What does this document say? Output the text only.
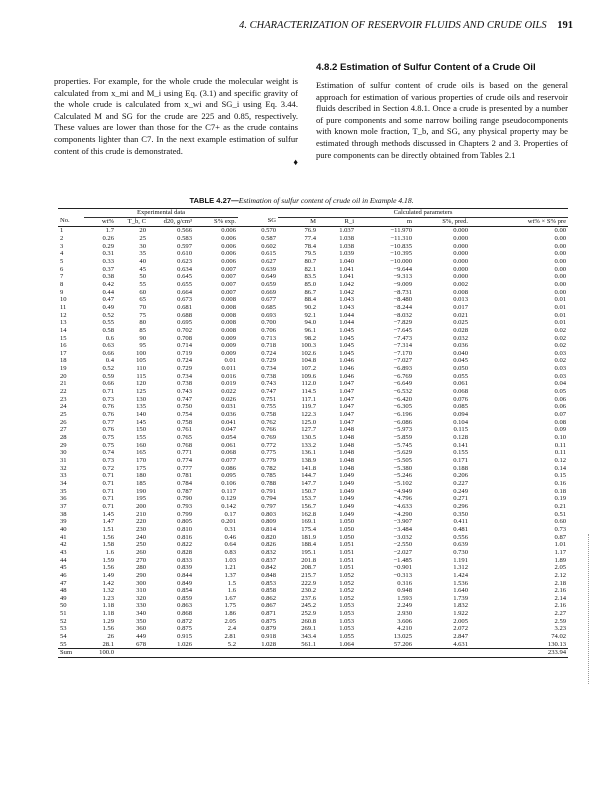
4. CHARACTERIZATION OF RESERVOIR FLUIDS AND CRUDE OILS 191
properties. For example, for the whole crude the molecular weight is calculated from x_mi and M_i using Eq. (3.1) and specific gravity of the whole crude is calculated from x_wi and SG_i using Eq. 3.44. Calculated M and SG for the crude are 225 and 0.85, respectively. These values are lower than those for the C7+ as the crude contains components lighter than C7. In the next example estimation of sulfur content of this crude is demonstrated.
♦
4.8.2 Estimation of Sulfur Content of a Crude Oil
Estimation of sulfur content of crude oils is based on the general approach for estimation of various properties of crude oils and reservoir fluids described in Section 4.8.1. Once a crude is presented by a number of pure components and some narrow boiling range pseudocomponents with known mole fraction, T_b, and SG, any physical property may be estimated through methods discussed in Chapters 2 and 3. Properties of pure components can be directly obtained from Tables 2.1
TABLE 4.27—Estimation of sulfur content of crude oil in Example 4.18.
	Experimental data					Calculated parameters				
No.	wt%	T_b, C	d20, g/cm³	S% exp.	SG	M	R_i	m	S%, pred.	wt% × S% pre
1	1.7	20	0.566	0.006	0.570	76.9	1.037	−11.970	0.000	0.00
2	0.26	25	0.583	0.006	0.587	77.4	1.038	−11.310	0.000	0.00
3	0.29	30	0.597	0.006	0.602	78.4	1.038	−10.835	0.000	0.00
4	0.31	35	0.610	0.006	0.615	79.5	1.039	−10.395	0.000	0.00
5	0.33	40	0.623	0.006	0.627	80.7	1.040	−10.000	0.000	0.00
6	0.37	45	0.634	0.007	0.639	82.1	1.041	−9.644	0.000	0.00
7	0.38	50	0.645	0.007	0.649	83.5	1.041	−9.313	0.000	0.00
8	0.42	55	0.655	0.007	0.659	85.0	1.042	−9.009	0.002	0.00
9	0.44	60	0.664	0.007	0.669	86.7	1.042	−8.731	0.008	0.00
10	0.47	65	0.673	0.008	0.677	88.4	1.043	−8.480	0.013	0.01
11	0.49	70	0.681	0.008	0.685	90.2	1.043	−8.244	0.017	0.01
12	0.52	75	0.688	0.008	0.693	92.1	1.044	−8.032	0.021	0.01
13	0.55	80	0.695	0.008	0.700	94.0	1.044	−7.829	0.025	0.01
14	0.58	85	0.702	0.008	0.706	96.1	1.045	−7.645	0.028	0.02
15	0.6	90	0.708	0.009	0.713	98.2	1.045	−7.473	0.032	0.02
16	0.63	95	0.714	0.009	0.718	100.3	1.045	−7.314	0.036	0.02
17	0.66	100	0.719	0.009	0.724	102.6	1.045	−7.170	0.040	0.03
18	0.4	105	0.724	0.01	0.729	104.8	1.046	−7.027	0.045	0.02
19	0.52	110	0.729	0.011	0.734	107.2	1.046	−6.893	0.050	0.03
20	0.59	115	0.734	0.016	0.738	109.6	1.046	−6.769	0.055	0.03
21	0.66	120	0.738	0.019	0.743	112.0	1.047	−6.649	0.061	0.04
22	0.71	125	0.743	0.022	0.747	114.5	1.047	−6.532	0.068	0.05
23	0.73	130	0.747	0.026	0.751	117.1	1.047	−6.420	0.076	0.06
24	0.76	135	0.750	0.031	0.755	119.7	1.047	−6.305	0.085	0.06
25	0.76	140	0.754	0.036	0.758	122.3	1.047	−6.196	0.094	0.07
26	0.77	145	0.758	0.041	0.762	125.0	1.047	−6.086	0.104	0.08
27	0.76	150	0.761	0.047	0.766	127.7	1.048	−5.973	0.115	0.09
28	0.75	155	0.765	0.054	0.769	130.5	1.048	−5.859	0.128	0.10
29	0.75	160	0.768	0.061	0.772	133.2	1.048	−5.745	0.141	0.11
30	0.74	165	0.771	0.068	0.775	136.1	1.048	−5.629	0.155	0.11
31	0.73	170	0.774	0.077	0.779	138.9	1.048	−5.505	0.171	0.12
32	0.72	175	0.777	0.086	0.782	141.8	1.048	−5.380	0.188	0.14
33	0.71	180	0.781	0.095	0.785	144.7	1.049	−5.246	0.206	0.15
34	0.71	185	0.784	0.106	0.788	147.7	1.049	−5.102	0.227	0.16
35	0.71	190	0.787	0.117	0.791	150.7	1.049	−4.949	0.249	0.18
36	0.71	195	0.790	0.129	0.794	153.7	1.049	−4.796	0.271	0.19
37	0.71	200	0.793	0.142	0.797	156.7	1.049	−4.633	0.296	0.21
38	1.45	210	0.799	0.17	0.803	162.8	1.049	−4.290	0.350	0.51
39	1.47	220	0.805	0.201	0.809	169.1	1.050	−3.907	0.411	0.60
40	1.51	230	0.810	0.31	0.814	175.4	1.050	−3.484	0.481	0.73
41	1.56	240	0.816	0.46	0.820	181.9	1.050	−3.032	0.556	0.87
42	1.58	250	0.822	0.64	0.826	188.4	1.051	−2.550	0.639	1.01
43	1.6	260	0.828	0.83	0.832	195.1	1.051	−2.027	0.730	1.17
44	1.59	270	0.833	1.03	0.837	201.8	1.051	−1.485	1.191	1.89
45	1.56	280	0.839	1.21	0.842	208.7	1.051	−0.901	1.312	2.05
46	1.49	290	0.844	1.37	0.848	215.7	1.052	−0.313	1.424	2.12
47	1.42	300	0.849	1.5	0.853	222.9	1.052	0.316	1.536	2.18
48	1.32	310	0.854	1.6	0.858	230.2	1.052	0.948	1.640	2.16
49	1.23	320	0.859	1.67	0.862	237.6	1.052	1.593	1.739	2.14
50	1.18	330	0.863	1.75	0.867	245.2	1.053	2.249	1.832	2.16
51	1.18	340	0.868	1.86	0.871	252.9	1.053	2.930	1.922	2.27
52	1.29	350	0.872	2.05	0.875	260.8	1.053	3.606	2.005	2.59
53	1.56	360	0.875	2.4	0.879	269.1	1.053	4.210	2.072	3.23
54	26	449	0.915	2.81	0.918	343.4	1.055	13.025	2.847	74.02
55	28.1	678	1.026	5.2	1.028	561.1	1.064	57.206	4.631	130.13
Sum	100.0									233.94
